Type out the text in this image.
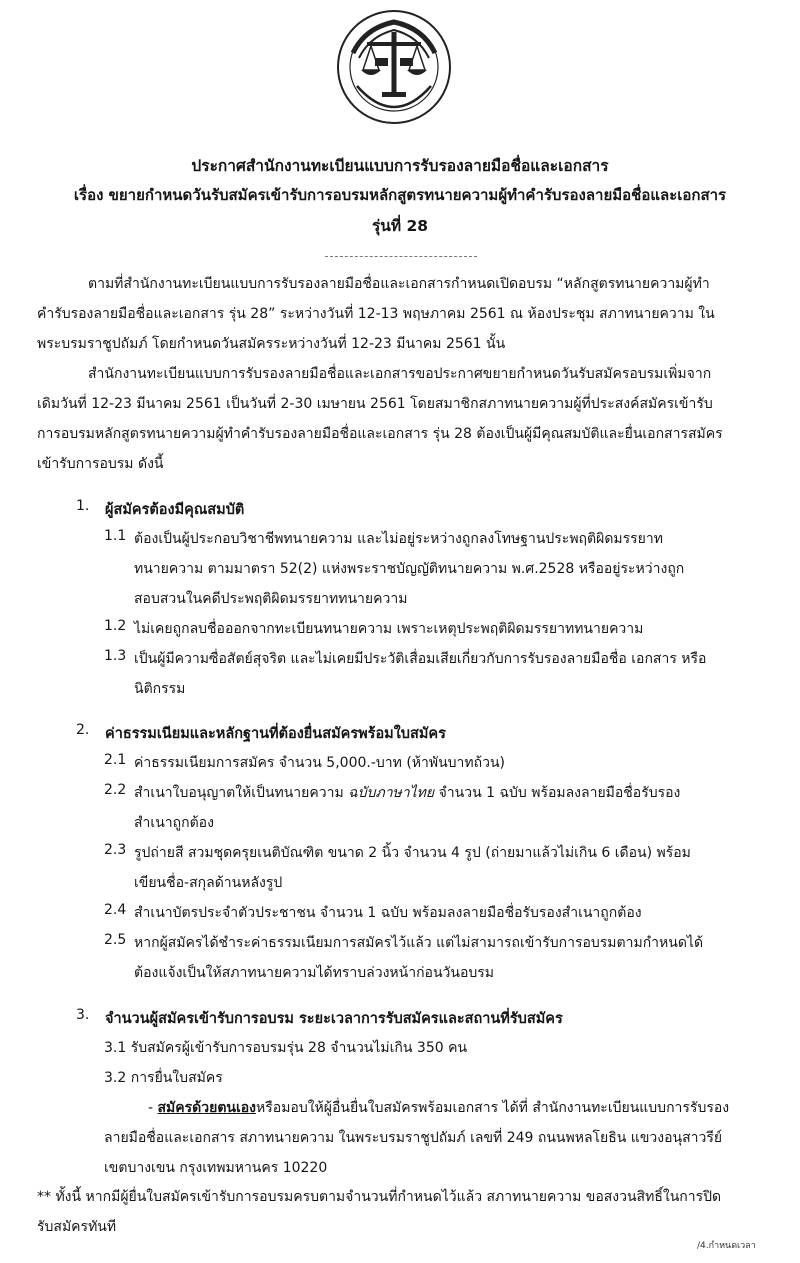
ประกาศสำนักงานทะเบียนแบบการรับรองลายมือชื่อและเอกสาร
เรื่อง ขยายกำหนดวันรับสมัครเข้ารับการอบรมหลักสูตรทนายความผู้ทำคำรับรองลายมือชื่อและเอกสาร
รุ่นที่ 28
ตามที่สำนักงานทะเบียนแบบการรับรองลายมือชื่อและเอกสารกำหนดเปิดอบรม “หลักสูตรทนายความผู้ทำ
คำรับรองลายมือชื่อและเอกสาร รุ่น 28” ระหว่างวันที่ 12-13 พฤษภาคม 2561 ณ ห้องประชุม สภาทนายความ ใน
พระบรมราชูปถัมภ์ โดยกำหนดวันสมัครระหว่างวันที่ 12-23 มีนาคม 2561 นั้น
สำนักงานทะเบียนแบบการรับรองลายมือชื่อและเอกสารขอประกาศขยายกำหนดวันรับสมัครอบรมเพิ่มจาก
เดิมวันที่ 12-23 มีนาคม 2561 เป็นวันที่ 2-30 เมษายน 2561 โดยสมาชิกสภาทนายความผู้ที่ประสงค์สมัครเข้ารับ
การอบรมหลักสูตรทนายความผู้ทำคำรับรองลายมือชื่อและเอกสาร รุ่น 28 ต้องเป็นผู้มีคุณสมบัติและยื่นเอกสารสมัคร
เข้ารับการอบรม ดังนี้
1. ผู้สมัครต้องมีคุณสมบัติ
1.1 ต้องเป็นผู้ประกอบวิชาชีพทนายความ และไม่อยู่ระหว่างถูกลงโทษฐานประพฤติผิดมรรยาท
ทนายความ ตามมาตรา 52(2) แห่งพระราชบัญญัติทนายความ พ.ศ.2528 หรืออยู่ระหว่างถูก
สอบสวนในคดีประพฤติผิดมรรยาททนายความ
1.2 ไม่เคยถูกลบชื่อออกจากทะเบียนทนายความ เพราะเหตุประพฤติผิดมรรยาททนายความ
1.3 เป็นผู้มีความซื่อสัตย์สุจริต และไม่เคยมีประวัติเสื่อมเสียเกี่ยวกับการรับรองลายมือชื่อ เอกสาร หรือ
นิติกรรม
2. ค่าธรรมเนียมและหลักฐานที่ต้องยื่นสมัครพร้อมใบสมัคร
2.1 ค่าธรรมเนียมการสมัคร จำนวน 5,000.-บาท (ห้าพันบาทถ้วน)
2.2 สำเนาใบอนุญาตให้เป็นทนายความ ฉบับภาษาไทย จำนวน 1 ฉบับ พร้อมลงลายมือชื่อรับรอง
สำเนาถูกต้อง
2.3 รูปถ่ายสี สวมชุดครุยเนติบัณฑิต ขนาด 2 นิ้ว จำนวน 4 รูป (ถ่ายมาแล้วไม่เกิน 6 เดือน) พร้อม
เขียนชื่อ-สกุลด้านหลังรูป
2.4 สำเนาบัตรประจำตัวประชาชน จำนวน 1 ฉบับ พร้อมลงลายมือชื่อรับรองสำเนาถูกต้อง
2.5 หากผู้สมัครได้ชำระค่าธรรมเนียมการสมัครไว้แล้ว แต่ไม่สามารถเข้ารับการอบรมตามกำหนดได้
ต้องแจ้งเป็นให้สภาทนายความได้ทราบล่วงหน้าก่อนวันอบรม
3. จำนวนผู้สมัครเข้ารับการอบรม ระยะเวลาการรับสมัครและสถานที่รับสมัคร
3.1 รับสมัครผู้เข้ารับการอบรมรุ่น 28 จำนวนไม่เกิน 350 คน
3.2 การยื่นใบสมัคร
- สมัครด้วยตนเองหรือมอบให้ผู้อื่นยื่นใบสมัครพร้อมเอกสาร ได้ที่ สำนักงานทะเบียนแบบการรับรอง
ลายมือชื่อและเอกสาร สภาทนายความ ในพระบรมราชูปถัมภ์ เลขที่ 249 ถนนพหลโยธิน แขวงอนุสาวรีย์
เขตบางเขน กรุงเทพมหานคร 10220
** ทั้งนี้ หากมีผู้ยื่นใบสมัครเข้ารับการอบรมครบตามจำนวนที่กำหนดไว้แล้ว สภาทนายความ ขอสงวนสิทธิ์ในการปิด
รับสมัครทันที
/4.กำหนดเวลา
